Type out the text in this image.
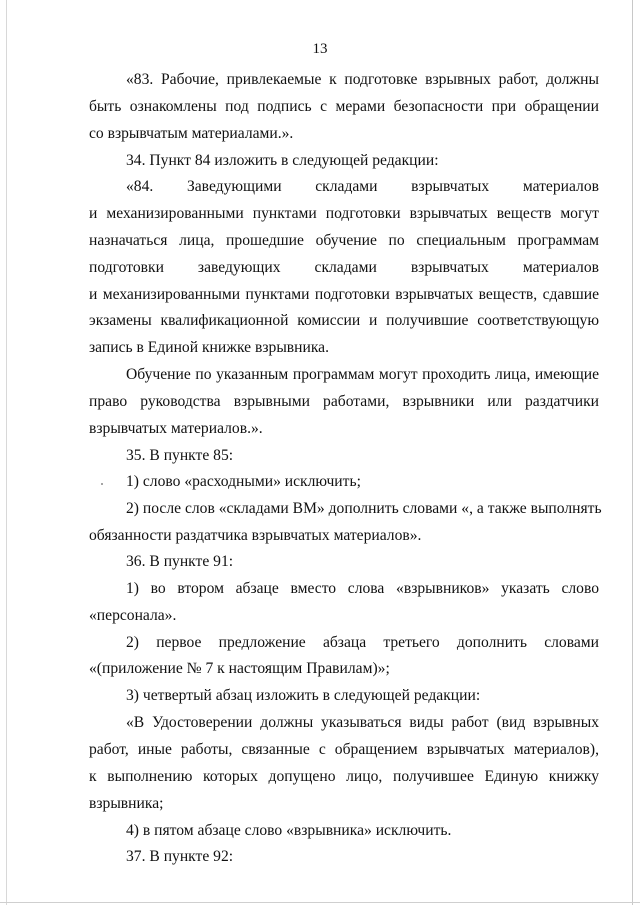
13
«83. Рабочие, привлекаемые к подготовке взрывных работ, должны
быть ознакомлены под подпись с мерами безопасности при обращении
со взрывчатым материалами.».
34. Пункт 84 изложить в следующей редакции:
«84. Заведующими складами взрывчатых материалов
и механизированными пунктами подготовки взрывчатых веществ могут
назначаться лица, прошедшие обучение по специальным программам
подготовки заведующих складами взрывчатых материалов
и механизированными пунктами подготовки взрывчатых веществ, сдавшие
экзамены квалификационной комиссии и получившие соответствующую
запись в Единой книжке взрывника.
Обучение по указанным программам могут проходить лица, имеющие
право руководства взрывными работами, взрывники или раздатчики
взрывчатых материалов.».
35. В пункте 85:
1) слово «расходными» исключить;
2) после слов «складами ВМ» дополнить словами «, а также выполнять
обязанности раздатчика взрывчатых материалов».
36. В пункте 91:
1) во втором абзаце вместо слова «взрывников» указать слово
«персонала».
2) первое предложение абзаца третьего дополнить словами
«(приложение № 7 к настоящим Правилам)»;
3) четвертый абзац изложить в следующей редакции:
«В Удостоверении должны указываться виды работ (вид взрывных
работ, иные работы, связанные с обращением взрывчатых материалов),
к выполнению которых допущено лицо, получившее Единую книжку
взрывника;
4) в пятом абзаце слово «взрывника» исключить.
37. В пункте 92:
